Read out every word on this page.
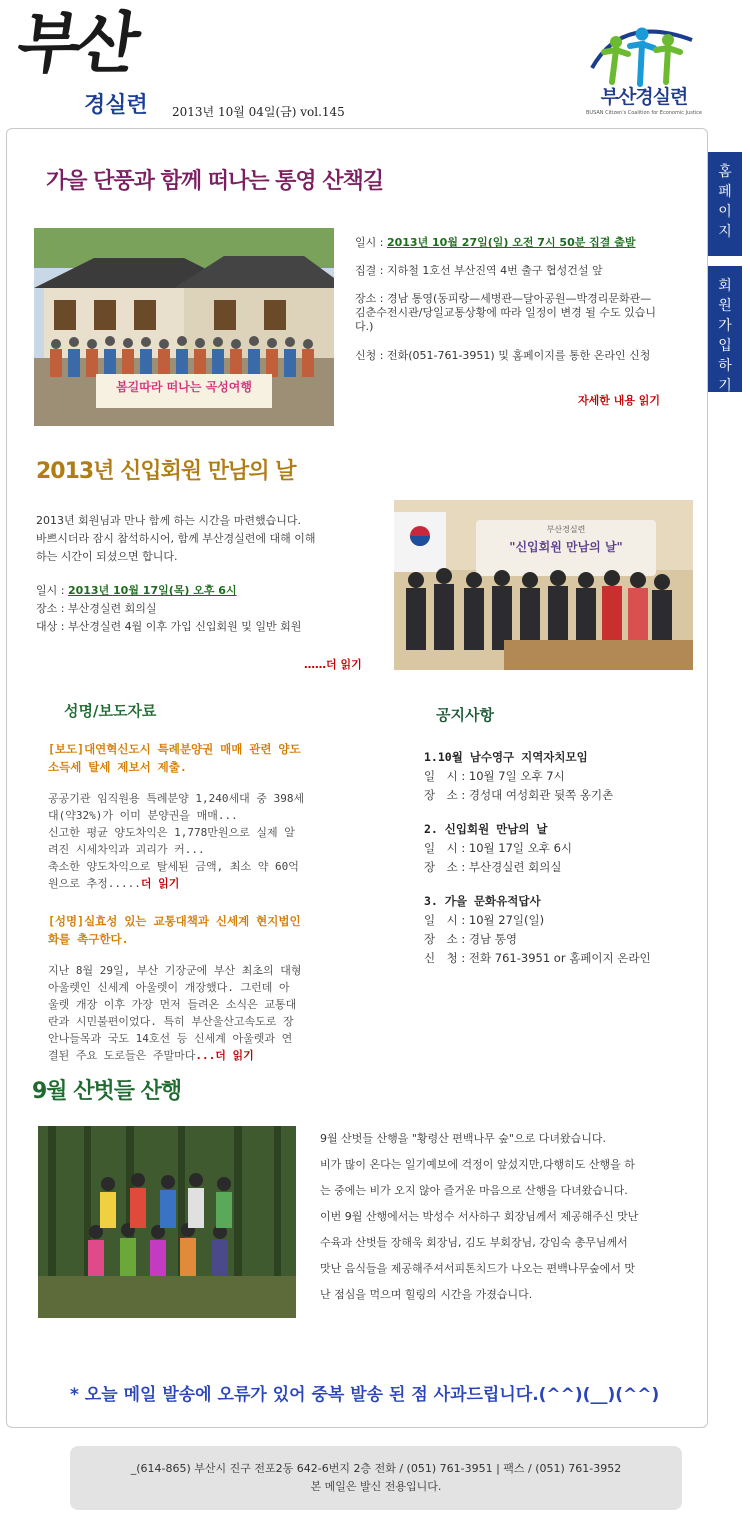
부산
경실련 2013년 10월 04일(금) vol.145
부산경실련
BUSAN Citizen's Coalition for Economic Justice
홈
페
이
지
회
원
가
입
하
기
가을 단풍과 함께 떠나는 통영 산책길
봄길따라 떠나는 곡성여행
일시 : 2013년 10월 27일(일) 오전 7시 50분 집결 출발
집결 : 지하철 1호선 부산진역 4번 출구 협성건설 앞
장소 : 경남 통영(동피랑—세병관—달아공원—박경리문화관—
김춘수전시관/당일교통상황에 따라 일정이 변경 될 수도 있습니
다.)
신청 : 전화(051-761-3951) 및 홈페이지를 통한 온라인 신청
자세한 내용 읽기
2013년 신입회원 만남의 날
2013년 회원님과 만나 함께 하는 시간을 마련했습니다.
바쁘시더라 잠시 참석하시어, 함께 부산경실련에 대해 이해
하는 시간이 되셨으면 합니다.
일시 : 2013년 10월 17일(목) 오후 6시
장소 : 부산경실련 회의실
대상 : 부산경실련 4월 이후 가입 신입회원 및 일반 회원
……더 읽기
부산경실련
"신입회원 만남의 날"
성명/보도자료
[보도]대연혁신도시 특례분양권 매매 관련 양도
소득세 탈세 제보서 제출.
공공기관 임직원용 특례분양 1,240세대 중 398세
대(약32%)가 이미 분양권을 매매...
신고한 평균 양도차익은 1,778만원으로 실제 알
려진 시세차익과 괴리가 커...
축소한 양도차익으로 탈세된 금액, 최소 약 60억
원으로 추정.....더 읽기
[성명]실효성 있는 교통대책과 신세계 현지법인
화를 촉구한다.
지난 8월 29일, 부산 기장군에 부산 최초의 대형
아울렛인 신세계 아울렛이 개장했다. 그런데 아
울렛 개장 이후 가장 먼저 들려온 소식은 교통대
란과 시민불편이었다. 특히 부산울산고속도로 장
안나들목과 국도 14호선 등 신세계 아울렛과 연
결된 주요 도로들은 주말마다...더 읽기
공지사항
1.10월 남수영구 지역자치모임
일　시 : 10월 7일 오후 7시
장　소 : 경성대 여성회관 뒷쪽 옹기촌
2. 신입회원 만남의 날
일　시 : 10월 17일 오후 6시
장　소 : 부산경실련 회의실
3. 가을 문화유적답사
일　시 : 10월 27일(일)
장　소 : 경남 통영
신　청 : 전화 761-3951 or 홈페이지 온라인
9월 산벗들 산행
9월 산벗들 산행을 "황령산 편백나무 숲"으로 다녀왔습니다.
비가 많이 온다는 일기예보에 걱정이 앞섰지만,다행히도 산행을 하
는 중에는 비가 오지 않아 즐거운 마음으로 산행을 다녀왔습니다.
이번 9월 산행에서는 박성수 서사하구 회장님께서 제공해주신 맛난
수육과 산벗들 장해욱 회장님, 김도 부회장님, 강임숙 총무님께서
맛난 음식들을 제공해주셔서피톤치드가 나오는 편백나무숲에서 맛
난 점심을 먹으며 힐링의 시간을 가졌습니다.
* 오늘 메일 발송에 오류가 있어 중복 발송 된 점 사과드립니다.(^^)(__)(^^)
_(614-865) 부산시 진구 전포2동 642-6번지 2층 전화 / (051) 761-3951 | 팩스 / (051) 761-3952
본 메일은 발신 전용입니다.
